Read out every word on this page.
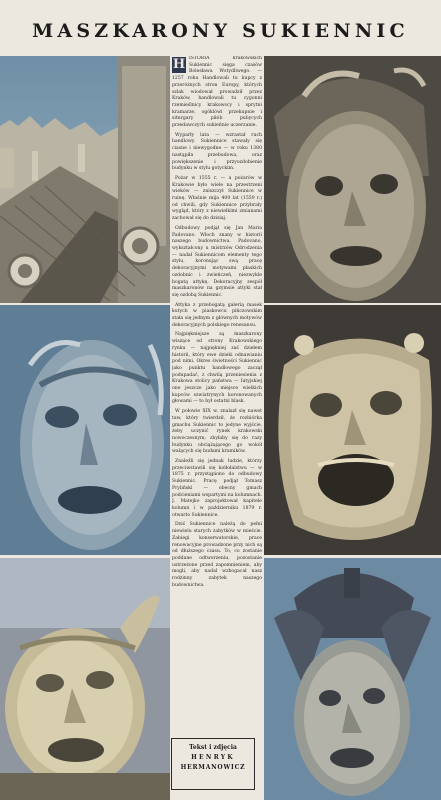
MASZKARONY SUKIENNIC
H ISTORIA krakowskich Sukiennic sięga czasów Bolesława Wstydliwego. — 1257 roku Handlowali tu kupcy z przeróżnych stron Europy, których szlak wiodował prowadził przez Kraków, handlowali tu cygonni rzemieślnicy krakowscy i sprytni kramarze, ogóklówi przekupnie i sitnrgary piłób pubycych przedawczych sukieńnie uczerzanie.

Wyparły lata — wzrastał ruch handlowy. Sukiennice stawały się ciasne i niewygodne — w roku 1380 nastąpiła przebudowa, oraz powiększenie i przyozdobienie budynku w stylu gotyckim.

Pożar w 1555 r. — a pożarów w Krakowie było wiele na przestrzeni wieków — zniszczył Sukiennice w ruinę. Właśnie mija 400 lat (1559 r.) od chwili, gdy Sukiennice przybrały wygląd, który z niewielkimi zmianami zachował się do dzisiaj.

Odbudowy podjął się Jan Maria Padovano. Włoch znany w historii naszego budownictwa. Padovano, wykształcony u mistrzów Odrodzenia — nadał Sukiennicom elementy tego stylu, koronując swą pracę dekoracyjnymi motywami płaskich ozdobnic i zwieńczeń, niezwykle bogatą attykę. Dekoracyjny zespół maszkaronów na gzymsie attyki stał się ozdobą Sukiennic.

Attyka z przebogatą galerią masek kutych w piaskowcu pińczowskim stała się jednym z głównych motywów dekoracyjnych polskiego renesansu.

Najpiękniejsze są maszkarony wiszące od strony Krakowskiego rynku — najpiękniej zaś dziełem historii, który ewe dzieki odnawianiu pod nimi. Okres świetności Sukiennic jako punktu handlowego zaczął podupadać, z chwilą przeniesienia z Krakowa stolicy państwa — Iatyjskiej one jeszcze jako miejsce wielkich kupców szwiatrynych koronowanych głowami — to był ostatni blask.

W połowie XIX w. znalazł się nawet taw, który twierdził, że rozbiórka gmachu Sukiennic to jedyne wyjście, żeby uczynić rynek krakowski nowoczesnym; zbyłaby się do razy budynku obciążającego go wokół walących się budami kramików.

Znaleźli się jednak ludzie, którzy przeciwstawili się kolłołalstwu — w 1875 r. przystąpiono do odbudowy Sukiennic. Pracę podjął Tomasz Pryliński — obecny gmach podcieniami wspartymi na kolumnach. J. Matejko zaprojektował kapitele kolumn i w październiku 1879 r. otwarto Sukiennice.

Dziś Sukiennice należą do pełni niewielu starych zabytków w mieście. Zabiegi konserwatorskie, prace renowacyjne prowadzone przy nich są od dłuższego czasu. To, co zostanie poddane odtworzeniu, pozostanie ustrzeżone przed zapomnieniem, aby mogli, aby nadal wzbogacał nasz rodzinny zabytek naszego budownictwa.

Tekst i zdjęcia
HENRYK
HERMANOWICZ
